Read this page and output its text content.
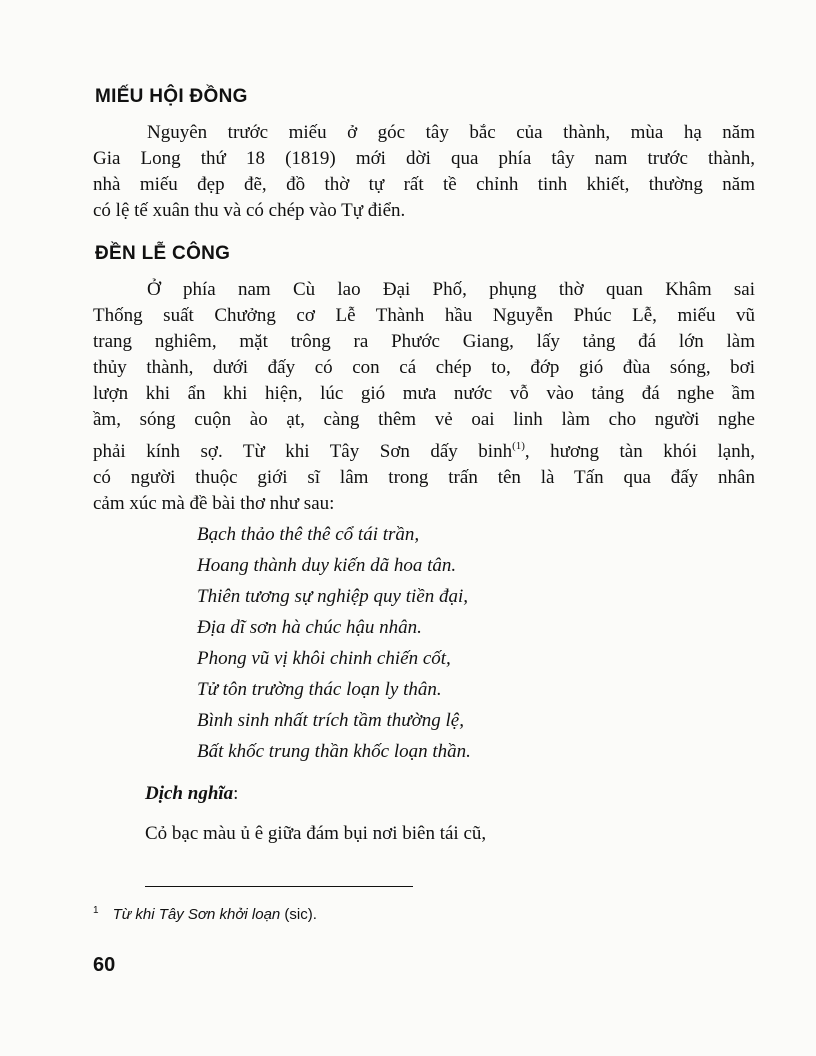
MIẾU HỘI ĐỒNG
Nguyên trước miếu ở góc tây bắc của thành, mùa hạ năm
Gia Long thứ 18 (1819) mới dời qua phía tây nam trước thành,
nhà miếu đẹp đẽ, đồ thờ tự rất tề chỉnh tinh khiết, thường năm
có lệ tế xuân thu và có chép vào Tự điển.
ĐỀN LỄ CÔNG
Ở phía nam Cù lao Đại Phố, phụng thờ quan Khâm sai
Thống suất Chưởng cơ Lễ Thành hầu Nguyễn Phúc Lễ, miếu vũ
trang nghiêm, mặt trông ra Phước Giang, lấy tảng đá lớn làm
thủy thành, dưới đấy có con cá chép to, đớp gió đùa sóng, bơi
lượn khi ẩn khi hiện, lúc gió mưa nước vỗ vào tảng đá nghe ầm
ầm, sóng cuộn ào ạt, càng thêm vẻ oai linh làm cho người nghe
phải kính sợ. Từ khi Tây Sơn dấy binh$^{(1)}$, hương tàn khói lạnh,
có người thuộc giới sĩ lâm trong trấn tên là Tấn qua đấy nhân
cảm xúc mà đề bài thơ như sau:
Bạch thảo thê thê cổ tái trần,
Hoang thành duy kiến dã hoa tân.
Thiên tương sự nghiệp quy tiền đại,
Địa dĩ sơn hà chúc hậu nhân.
Phong vũ vị khôi chinh chiến cốt,
Tử tôn trường thác loạn ly thân.
Bình sinh nhất trích tầm thường lệ,
Bất khốc trung thần khốc loạn thần.
Dịch nghĩa:
Cỏ bạc màu ủ ê giữa đám bụi nơi biên tái cũ,
$^1$ Từ khi Tây Sơn khởi loạn (sic).
60
